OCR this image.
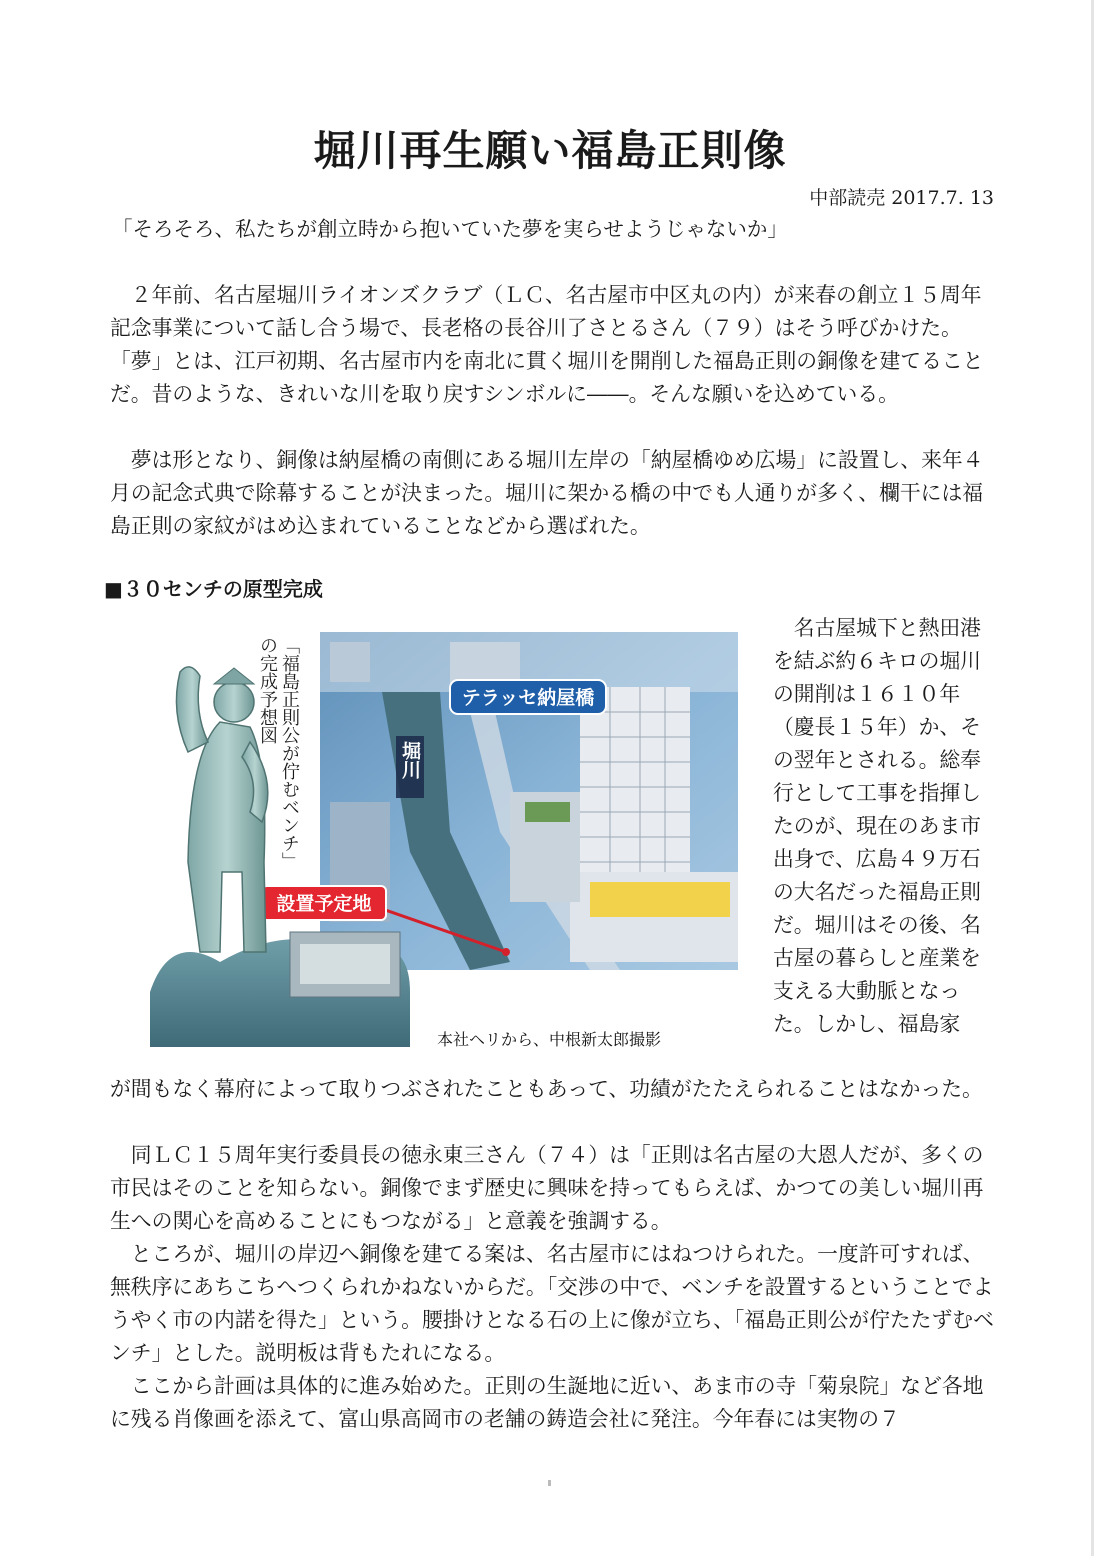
堀川再生願い福島正則像
中部読売 2017.7. 13
「そろそろ、私たちが創立時から抱いていた夢を実らせようじゃないか」

２年前、名古屋堀川ライオンズクラブ（ＬＣ、名古屋市中区丸の内）が来春の創立１５周年記念事業について話し合う場で、長老格の長谷川了さとるさん（７９）はそう呼びかけた。「夢」とは、江戸初期、名古屋市内を南北に貫く堀川を開削した福島正則の銅像を建てることだ。昔のような、きれいな川を取り戻すシンボルに――。そんな願いを込めている。

夢は形となり、銅像は納屋橋の南側にある堀川左岸の「納屋橋ゆめ広場」に設置し、来年４月の記念式典で除幕することが決まった。堀川に架かる橋の中でも人通りが多く、欄干には福島正則の家紋がはめ込まれていることなどから選ばれた。

■３０センチの原型完成

名古屋城下と熱田港を結ぶ約６キロの堀川の開削は１６１０年（慶長１５年）か、その翌年とされる。総奉行として工事を指揮したのが、現在のあま市出身で、広島４９万石の大名だった福島正則だ。堀川はその後、名古屋の暮らしと産業を支える大動脈となった。しかし、福島家

テラッセ納屋橋
堀川
設置予定地
「福島正則公が佇むベンチ」の完成予想図
本社ヘリから、中根新太郎撮影

が間もなく幕府によって取りつぶされたこともあって、功績がたたえられることはなかった。

同ＬＣ１５周年実行委員長の徳永東三さん（７４）は「正則は名古屋の大恩人だが、多くの市民はそのことを知らない。銅像でまず歴史に興味を持ってもらえば、かつての美しい堀川再生への関心を高めることにもつながる」と意義を強調する。

ところが、堀川の岸辺へ銅像を建てる案は、名古屋市にはねつけられた。一度許可すれば、無秩序にあちこちへつくられかねないからだ。「交渉の中で、ベンチを設置するということでようやく市の内諾を得た」という。腰掛けとなる石の上に像が立ち、「福島正則公が佇たたずむベンチ」とした。説明板は背もたれになる。

ここから計画は具体的に進み始めた。正則の生誕地に近い、あま市の寺「菊泉院」など各地に残る肖像画を添えて、富山県高岡市の老舗の鋳造会社に発注。今年春には実物の７
